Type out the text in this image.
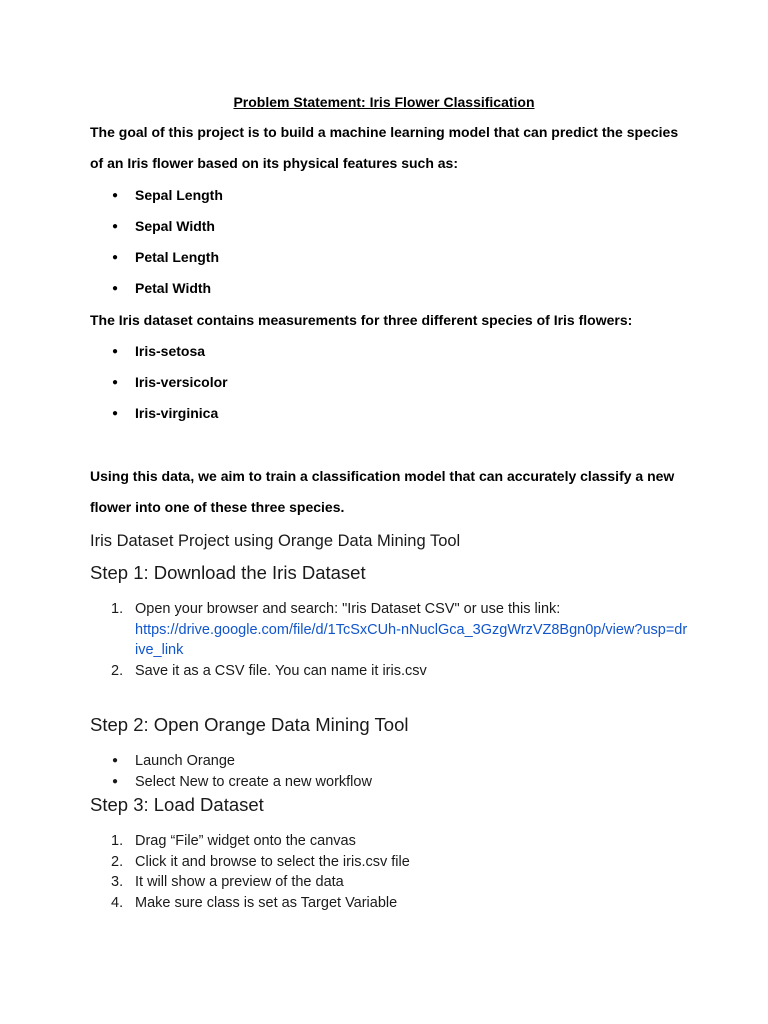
Problem Statement: Iris Flower Classification

The goal of this project is to build a machine learning model that can predict the species of an Iris flower based on its physical features such as:

● Sepal Length
● Sepal Width
● Petal Length
● Petal Width

The Iris dataset contains measurements for three different species of Iris flowers:

● Iris-setosa
● Iris-versicolor
● Iris-virginica

Using this data, we aim to train a classification model that can accurately classify a new flower into one of these three species.

Iris Dataset Project using Orange Data Mining Tool
Step 1: Download the Iris Dataset
1. Open your browser and search: "Iris Dataset CSV" or use this link:
https://drive.google.com/file/d/1TcSxCUh-nNuclGca_3GzgWrzVZ8Bgn0p/view?usp=drive_link
2. Save it as a CSV file. You can name it iris.csv
Step 2: Open Orange Data Mining Tool
● Launch Orange
● Select New to create a new workflow
Step 3: Load Dataset
1. Drag “File” widget onto the canvas
2. Click it and browse to select the iris.csv file
3. It will show a preview of the data
4. Make sure class is set as Target Variable
